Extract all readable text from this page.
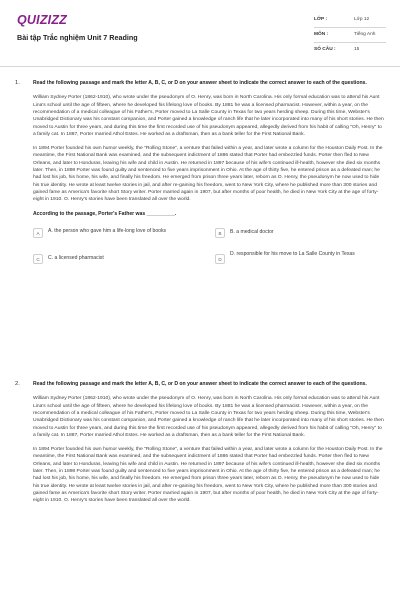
QUIZIZZ
Bài tập Trắc nghiệm Unit 7 Reading
LỚP :	Lớp 12
MÔN :	Tiếng Anh
SỐ CÂU :	15
1.	Read the following passage and mark the letter A, B, C, or D on your answer sheet to indicate the correct answer to each of the questions.
William Sydney Porter (1862-1910), who wrote under the pseudonym of O. Henry, was born in North Carolina. His only formal education was to attend his Aunt Lina's school until the age of fifteen, where he developed his lifelong love of books. By 1881 he was a licensed pharmacist. However, within a year, on the recommendation of a medical colleague of his Father's, Porter moved to La Salle County in Texas for two years herding sheep. During this time, Webster's Unabridged Dictionary was his constant companion, and Porter gained a knowledge of ranch life that he later incorporated into many of his short stories. He then moved to Austin for three years, and during this time the first recorded use of his pseudonym appeared, allegedly derived from his habit of calling "Oh, Henry" to a family cat. In 1887, Porter married Athol Estes. He worked as a draftsman, then as a bank teller for the First National Bank.
In 1894 Porter founded his own humor weekly, the "Rolling Stone", a venture that failed within a year, and later wrote a column for the Houston Daily Post. In the meantime, the First National Bank was examined, and the subsequent indictment of 1886 stated that Porter had embezzled funds. Porter then fled to New Orleans, and later to Honduras, leaving his wife and child in Austin. He returned in 1897 because of his wife's continued ill-health, however she died six months later. Then, in 1898 Porter was found guilty and sentenced to five years imprisonment in Ohio. At the age of thirty five, he entered prison as a defeated man; he had lost his job, his home, his wife, and finally his freedom. He emerged from prison three years later, reborn as O. Henry, the pseudonym he now used to hide his true identity. He wrote at least twelve stories in jail, and after re-gaining his freedom, went to New York City, where he published more than 300 stories and gained fame as America's favorite short Story writer. Porter married again in 1907, but after months of poor health, he died in New York City at the age of forty-eight in 1910. O. Henry's stories have been translated all over the world.
According to the passage, Porter's Father was __________.
A	A. the person who gave him a life-long love of books	B	B. a medical doctor
C	C. a licensed pharmacist	D
D. responsible for his move to La Salle County in Texas
2.	Read the following passage and mark the letter A, B, C, or D on your answer sheet to indicate the correct answer to each of the questions.
William Sydney Porter (1862-1910), who wrote under the pseudonym of O. Henry, was born in North Carolina. His only formal education was to attend his Aunt Lina's school until the age of fifteen, where he developed his lifelong love of books. By 1881 he was a licensed pharmacist. However, within a year, on the recommendation of a medical colleague of his Father's, Porter moved to La Salle County in Texas for two years herding sheep. During this time, Webster's Unabridged Dictionary was his constant companion, and Porter gained a knowledge of ranch life that he later incorporated into many of his short stories. He then moved to Austin for three years, and during this time the first recorded use of his pseudonym appeared, allegedly derived from his habit of calling "Oh, Henry" to a family cat. In 1887, Porter married Athol Estes. He worked as a draftsman, then as a bank teller for the First National Bank.
In 1894 Porter founded his own humor weekly, the "Rolling Stone", a venture that failed within a year, and later wrote a column for the Houston Daily Post. In the meantime, the First National Bank was examined, and the subsequent indictment of 1886 stated that Porter had embezzled funds. Porter then fled to New Orleans, and later to Honduras, leaving his wife and child in Austin. He returned in 1897 because of his wife's continued ill-health, however she died six months later. Then, in 1898 Porter was found guilty and sentenced to five years imprisonment in Ohio. At the age of thirty five, he entered prison as a defeated man; he had lost his job, his home, his wife, and finally his freedom. He emerged from prison three years later, reborn as O. Henry, the pseudonym he now used to hide his true identity. He wrote at least twelve stories in jail, and after re-gaining his freedom, went to New York City, where he published more than 300 stories and gained fame as America's favorite short Story writer. Porter married again in 1907, but after months of poor health, he died in New York City at the age of forty-eight in 1910. O. Henry's stories have been translated all over the world.
